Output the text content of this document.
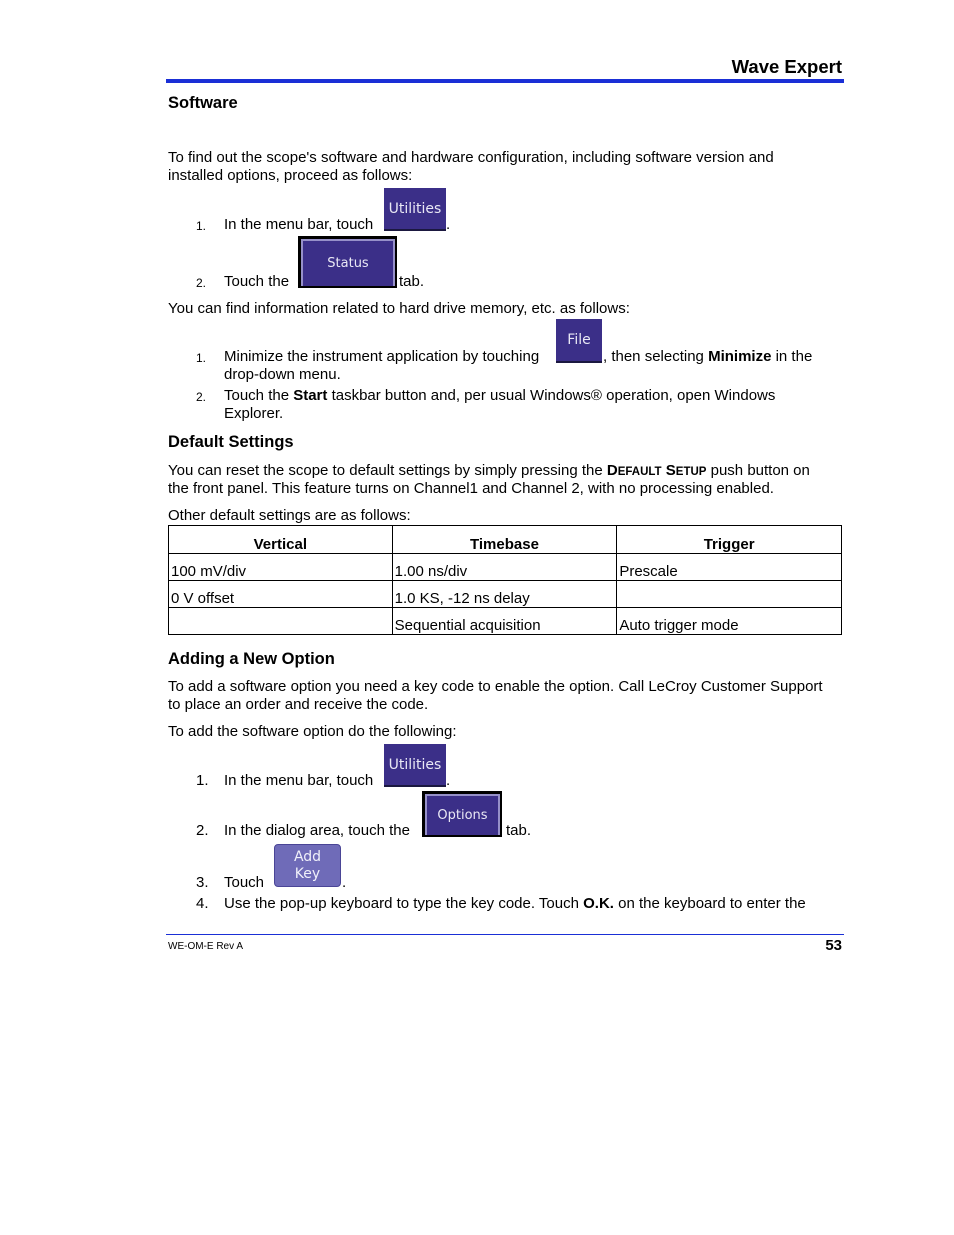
Wave Expert
Software
To find out the scope's software and hardware configuration, including software version and
installed options, proceed as follows:
1. In the menu bar, touch
Utilities
.
2. Touch the
Status
tab.
You can find information related to hard drive memory, etc. as follows:
1. Minimize the instrument application by touching
File
, then selecting Minimize in the
drop-down menu.
2. Touch the Start taskbar button and, per usual Windows® operation, open Windows
Explorer.
Default Settings
You can reset the scope to default settings by simply pressing the DEFAULT SETUP push button on
the front panel. This feature turns on Channel1 and Channel 2, with no processing enabled.
Other default settings are as follows:
Vertical	Timebase	Trigger
100 mV/div	1.00 ns/div	Prescale
0 V offset	1.0 KS, -12 ns delay	
	Sequential acquisition	Auto trigger mode
Adding a New Option
To add a software option you need a key code to enable the option. Call LeCroy Customer Support
to place an order and receive the code.
To add the software option do the following:
1. In the menu bar, touch
Utilities
.
2. In the dialog area, touch the
Options
tab.
3. Touch
Add
Key
.
4. Use the pop-up keyboard to type the key code. Touch O.K. on the keyboard to enter the
WE-OM-E Rev A	53
